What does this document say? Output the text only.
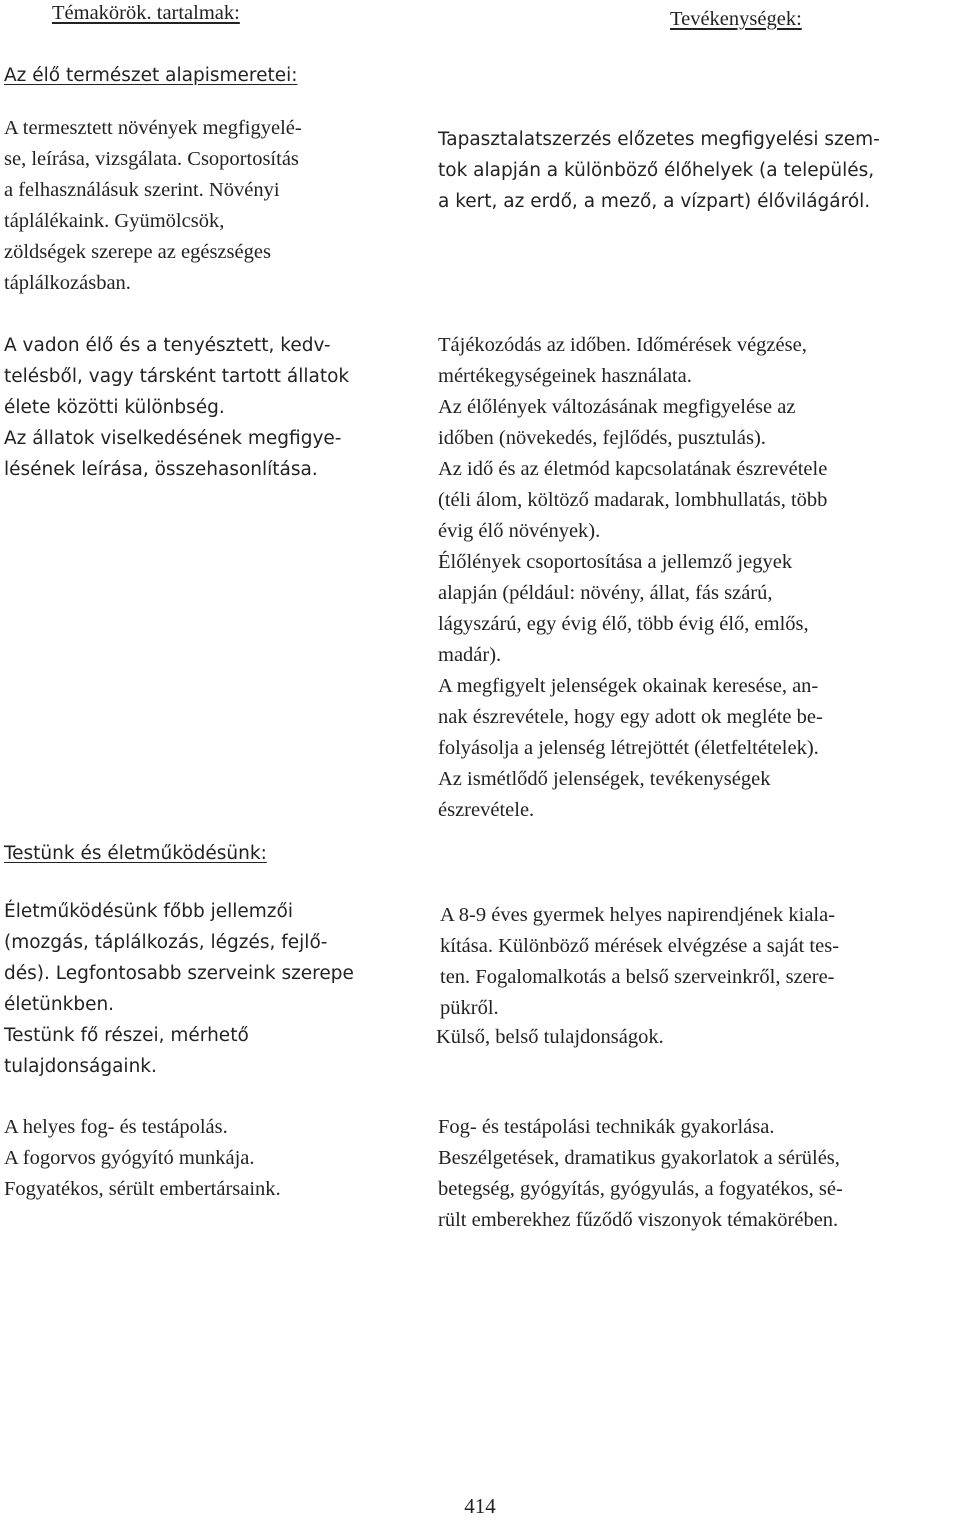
Témakörök. tartalmak:	Tevékenységek:
Az élő természet alapismeretei:
A termesztett növények megfigyelé-
se, leírása, vizsgálata. Csoportosítás
a felhasználásuk szerint. Növényi
táplálékaink. Gyümölcsök,
zöldségek szerepe az egészséges
táplálkozásban.
A vadon élő és a tenyésztett, kedv-
telésből, vagy társként tartott állatok
élete közötti különbség.
Az állatok viselkedésének megfigye-
lésének leírása, összehasonlítása.
Tapasztalatszerzés előzetes megfigyelési szem-
tok alapján a különböző élőhelyek (a település,
a kert, az erdő, a mező, a vízpart) élővilágáról.
Tájékozódás az időben. Időmérések végzése,
mértékegységeinek használata.
Az élőlények változásának megfigyelése az
időben (növekedés, fejlődés, pusztulás).
Az idő és az életmód kapcsolatának észrevétele
(téli álom, költöző madarak, lombhullatás, több
évig élő növények).
Élőlények csoportosítása a jellemző jegyek
alapján (például: növény, állat, fás szárú,
lágyszárú, egy évig élő, több évig élő, emlős,
madár).
A megfigyelt jelenségek okainak keresése, an-
nak észrevétele, hogy egy adott ok megléte be-
folyásolja a jelenség létrejöttét (életfeltételek).
Az ismétlődő jelenségek, tevékenységek
észrevétele.
Testünk és életműködésünk:
Életműködésünk főbb jellemzői
(mozgás, táplálkozás, légzés, fejlő-
dés). Legfontosabb szerveink szerepe
életünkben.
Testünk fő részei, mérhető
tulajdonságaink.
A helyes fog- és testápolás.
A fogorvos gyógyító munkája.
Fogyatékos, sérült embertársaink.
A 8-9 éves gyermek helyes napirendjének kiala-
kítása. Különböző mérések elvégzése a saját tes-
ten. Fogalomalkotás a belső szerveinkről, szere-
pükről.
Külső, belső tulajdonságok.
Fog- és testápolási technikák gyakorlása.
Beszélgetések, dramatikus gyakorlatok a sérülés,
betegség, gyógyítás, gyógyulás, a fogyatékos, sé-
rült emberekhez fűződő viszonyok témakörében.
414
